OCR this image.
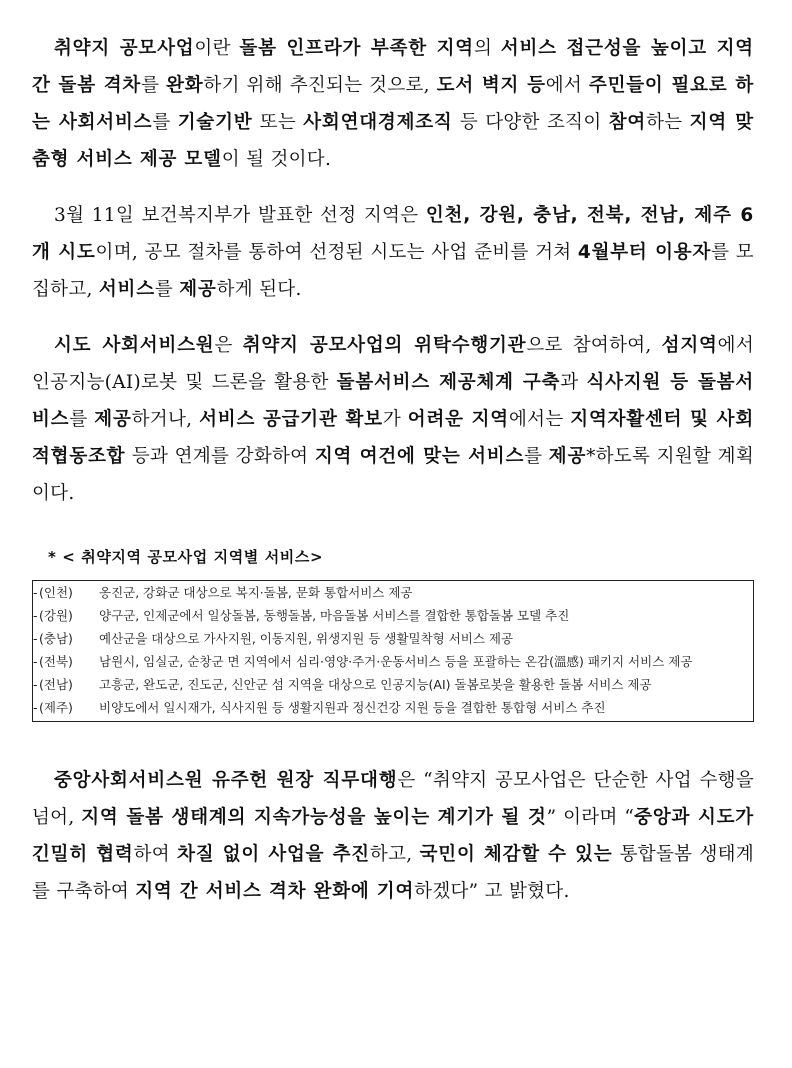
취약지 공모사업이란 돌봄 인프라가 부족한 지역의 서비스 접근성을 높이고 지역 간 돌봄 격차를 완화하기 위해 추진되는 것으로, 도서 벽지 등에서 주민들이 필요로 하는 사회서비스를 기술기반 또는 사회연대경제조직 등 다양한 조직이 참여하는 지역 맞춤형 서비스 제공 모델이 될 것이다.

3월 11일 보건복지부가 발표한 선정 지역은 인천, 강원, 충남, 전북, 전남, 제주 6개 시도이며, 공모 절차를 통하여 선정된 시도는 사업 준비를 거쳐 4월부터 이용자를 모집하고, 서비스를 제공하게 된다.

시도 사회서비스원은 취약지 공모사업의 위탁수행기관으로 참여하여, 섬지역에서 인공지능(AI)로봇 및 드론을 활용한 돌봄서비스 제공체계 구축과 식사지원 등 돌봄서비스를 제공하거나, 서비스 공급기관 확보가 어려운 지역에서는 지역자활센터 및 사회적협동조합 등과 연계를 강화하여 지역 여건에 맞는 서비스를 제공*하도록 지원할 계획이다.

* < 취약지역 공모사업 지역별 서비스>
- (인천)	옹진군, 강화군 대상으로 복지·돌봄, 문화 통합서비스 제공
- (강원)	양구군, 인제군에서 일상돌봄, 동행돌봄, 마음돌봄 서비스를 결합한 통합돌봄 모델 추진
- (충남)	예산군을 대상으로 가사지원, 이동지원, 위생지원 등 생활밀착형 서비스 제공
- (전북)	남원시, 임실군, 순창군 면 지역에서 심리·영양·주거·운동서비스 등을 포괄하는 온감(溫感) 패키지 서비스 제공
- (전남)	고흥군, 완도군, 진도군, 신안군 섬 지역을 대상으로 인공지능(AI) 돌봄로봇을 활용한 돌봄 서비스 제공
- (제주)	비양도에서 일시재가, 식사지원 등 생활지원과 정신건강 지원 등을 결합한 통합형 서비스 추진

중앙사회서비스원 유주헌 원장 직무대행은 “취약지 공모사업은 단순한 사업 수행을 넘어, 지역 돌봄 생태계의 지속가능성을 높이는 계기가 될 것” 이라며 “중앙과 시도가 긴밀히 협력하여 차질 없이 사업을 추진하고, 국민이 체감할 수 있는 통합돌봄 생태계를 구축하여 지역 간 서비스 격차 완화에 기여하겠다” 고 밝혔다.
